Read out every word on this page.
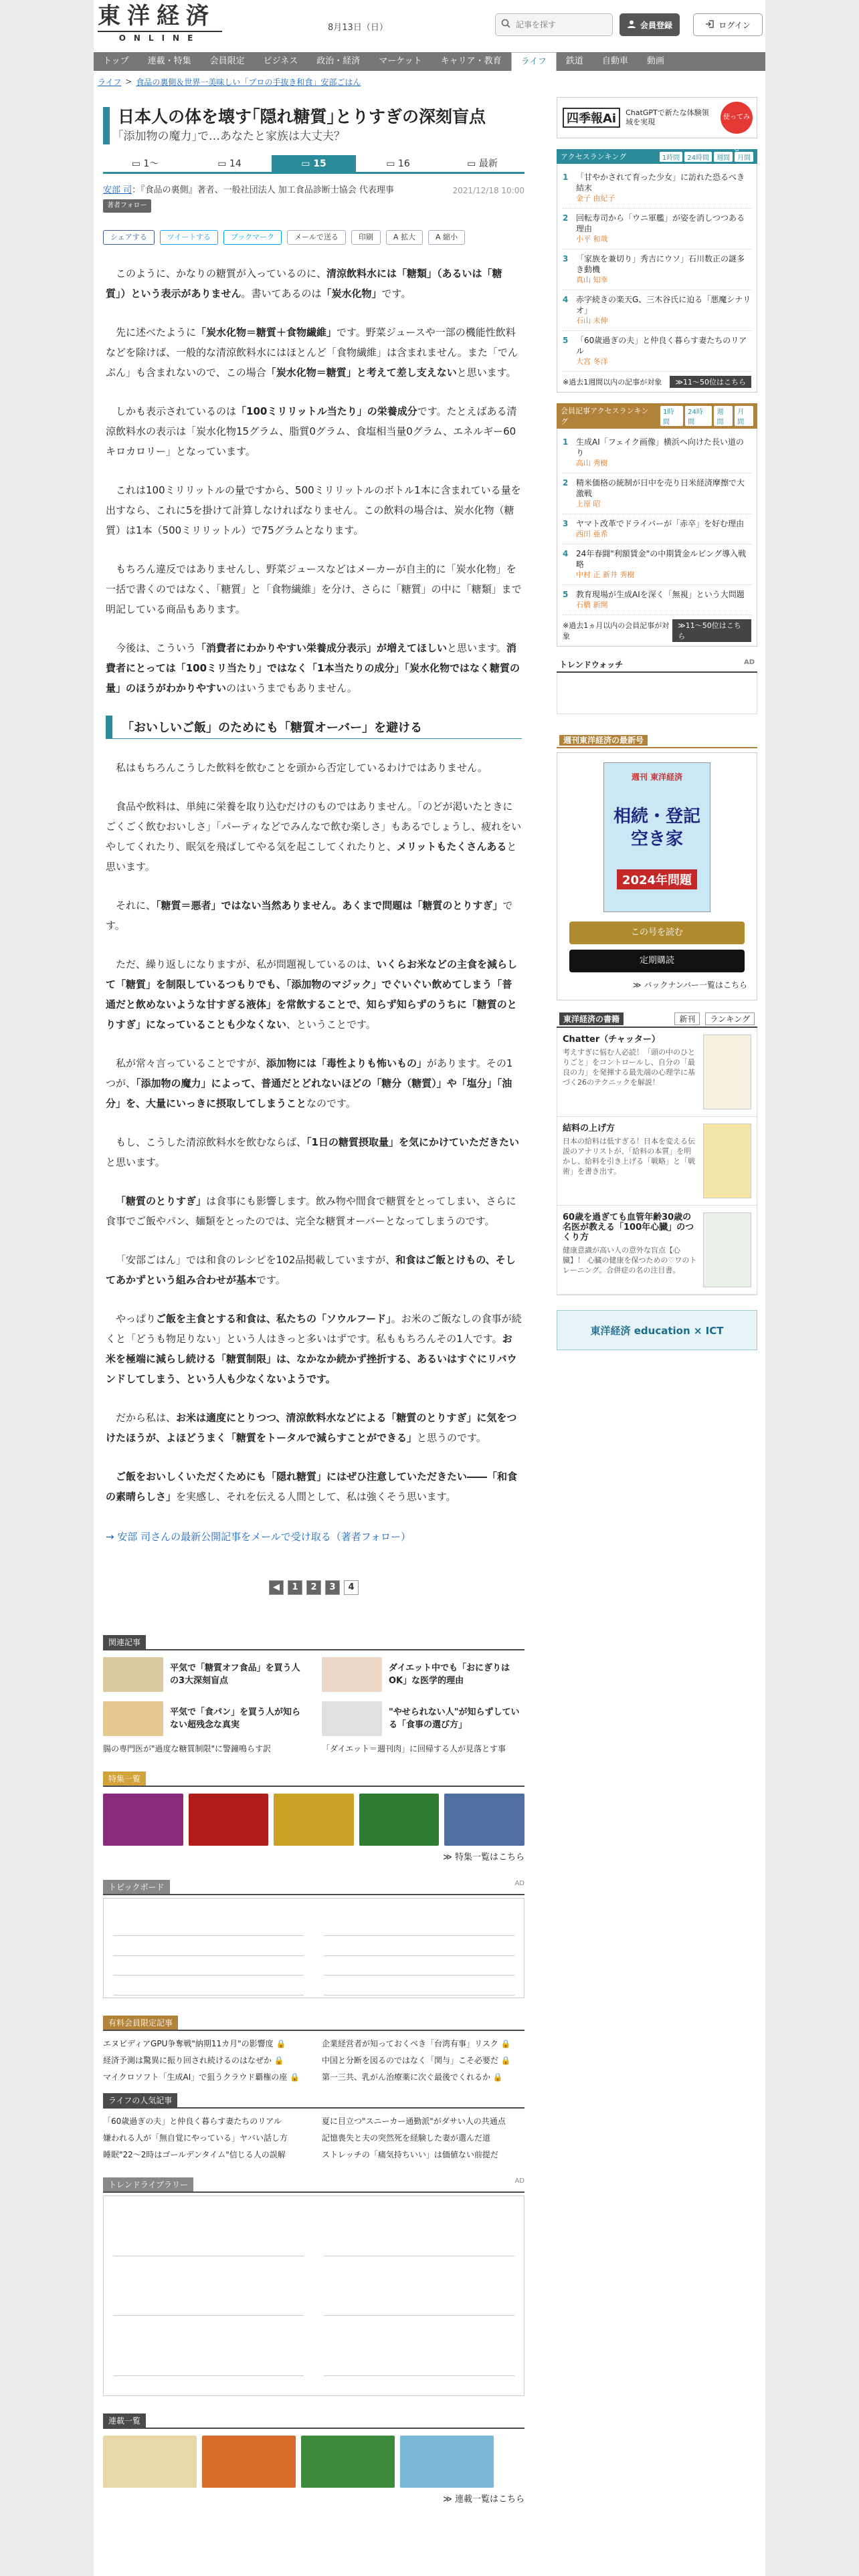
東洋経済
ONLINE
8月13日（日）
記事を探す	会員登録	ログイン
トップ	連載・特集	会員限定	ビジネス	政治・経済	マーケット	キャリア・教育	ライフ	鉄道	自動車	動画
ライフ > 食品の裏側＆世界一美味しい「プロの手抜き和食」安部ごはん
日本人の体を壊す｢隠れ糖質｣とりすぎの深刻盲点
｢添加物の魔力｣で…あなたと家族は大丈夫？
▭ 1〜	▭ 14	▭ 15	▭ 16	▭ 最新
安部 司：『食品の裏側』著者、一般社団法人 加工食品診断士協会 代表理事	2021/12/18 10:00

著者フォロー
シェアする	ツイートする	ブックマーク	メールで送る	印刷	A 拡大	A 縮小

このように、かなりの糖質が入っているのに、清涼飲料水には「糖類」（あるいは「糖質」）という表示がありません。書いてあるのは「炭水化物」です。

先に述べたように「炭水化物＝糖質＋食物繊維」です。野菜ジュースや一部の機能性飲料などを除けば、一般的な清涼飲料水にはほとんど「食物繊維」は含まれません。また「でんぷん」も含まれないので、この場合「炭水化物＝糖質」と考えて差し支えないと思います。

しかも表示されているのは「100ミリリットル当たり」の栄養成分です。たとえばある清涼飲料水の表示は「炭水化物15グラム、脂質0グラム、食塩相当量0グラム、エネルギー60キロカロリー」となっています。

これは100ミリリットルの量ですから、500ミリリットルのボトル1本に含まれている量を出すなら、これに5を掛けて計算しなければなりません。この飲料の場合は、炭水化物（糖質）は1本（500ミリリットル）で75グラムとなります。

もちろん違反ではありませんし、野菜ジュースなどはメーカーが自主的に「炭水化物」を一括で書くのではなく、「糖質」と「食物繊維」を分け、さらに「糖質」の中に「糖類」まで明記している商品もあります。

今後は、こういう「消費者にわかりやすい栄養成分表示」が増えてほしいと思います。消費者にとっては「100ミリ当たり」ではなく「1本当たりの成分」「炭水化物ではなく糖質の量」のほうがわかりやすいのはいうまでもありません。

「おいしいご飯」のためにも「糖質オーバー」を避ける

私はもちろんこうした飲料を飲むことを頭から否定しているわけではありません。

食品や飲料は、単純に栄養を取り込むだけのものではありません。「のどが渇いたときにごくごく飲むおいしさ」「パーティなどでみんなで飲む楽しさ」もあるでしょうし、疲れをいやしてくれたり、眠気を飛ばしてやる気を起こしてくれたりと、メリットもたくさんあると思います。

それに、「糖質＝悪者」ではない当然ありません。あくまで問題は「糖質のとりすぎ」です。

ただ、繰り返しになりますが、私が問題視しているのは、いくらお米などの主食を減らして「糖質」を制限しているつもりでも、「添加物のマジック」でぐいぐい飲めてしまう「普通だと飲めないような甘すぎる液体」を常飲することで、知らず知らずのうちに「糖質のとりすぎ」になっていることも少なくない、ということです。

私が常々言っていることですが、添加物には「毒性よりも怖いもの」があります。その1つが、「添加物の魔力」によって、普通だとどれないほどの「糖分（糖質）」や「塩分」「油分」を、大量にいっきに摂取してしまうことなのです。

もし、こうした清涼飲料水を飲むならば、「1日の糖質摂取量」を気にかけていただきたいと思います。

「糖質のとりすぎ」は食事にも影響します。飲み物や間食で糖質をとってしまい、さらに食事でご飯やパン、麺類をとったのでは、完全な糖質オーバーとなってしまうのです。

「安部ごはん」では和食のレシピを102品掲載していますが、和食はご飯とけもの、そしてあかずという組み合わせが基本です。

やっぱりご飯を主食とする和食は、私たちの「ソウルフード」。お米のご飯なしの食事が続くと「どうも物足りない」という人はきっと多いはずです。私ももちろんその1人です。お米を極端に減らし続ける「糖質制限」は、なかなか続かず挫折する、あるいはすぐにリバウンドしてしまう、という人も少なくないようです。

だから私は、お米は適度にとりつつ、清涼飲料水などによる「糖質のとりすぎ」に気をつけたほうが、よほどうまく「糖質をトータルで減らすことができる」と思うのです。

ご飯をおいしくいただくためにも「隠れ糖質」にはぜひ注意していただきたい――「和食の素晴らしさ」を実感し、それを伝える人間として、私は強くそう思います。

→ 安部 司さんの最新公開記事をメールで受け取る（著者フォロー）
◀	1	2	3	4
関連記事
平気で「糖質オフ食品」を買う人の3大深刻盲点
ダイエット中でも「おにぎりはOK」な医学的理由
平気で「食パン」を買う人が知らない超残念な真実
"やせられない人"が知らずしている「食事の選び方」
腸の専門医が"過度な糖質制限"に警鐘鳴らす訳	「ダイエット＝週刊肉」に回帰する人が見落とす事
特集一覧
≫ 特集一覧はこちら
トピックボード	AD
有料会員限定記事
エヌビディアGPU争奪戦"納期11カ月"の影響度 🔒	企業経営者が知っておくべき「台湾有事」リスク 🔒
経済予測は驚異に振り回され続けるのはなぜか 🔒	中国と分断を図るのではなく「関与」こそ必要だ 🔒
マイクロソフト「生成AI」で狙うクラウド覇権の座 🔒	第一三共、乳がん治療薬に次ぐ最後でくれるか 🔒
ライフの人気記事
「60歳過ぎの夫」と仲良く暮らす妻たちのリアル	夏に目立つ"スニーカー通勤派"がダサい人の共通点
嫌われる人が「無自覚にやっている」ヤバい話し方	記憶喪失と夫の突然死を経験した妻が選んだ道
睡眠"22〜2時はゴールデンタイム"信じる人の誤解	ストレッチの「痛気持ちいい」は価値ない前提だ
トレンドライブラリー	AD
連載一覧
≫ 連載一覧はこちら
四季報Ai	ChatGPTで新たな体験領域を実現
使ってみる
アクセスランキング	1時間	24時間	週間	月間
1 「甘やかされて育った少女」に訪れた恐るべき結末
金子 由紀子
2 回転寿司から「ウニ軍艦」が姿を消しつつある理由
小平 和哉
3 「家族を兼切り」秀吉にウソ」石川数正の謎多き動機
真山 知幸
4 赤字続きの楽天G、三木谷氏に迫る「悪魔シナリオ」
石山 未伸
5 「60歳過ぎの夫」と仲良く暮らす妻たちのリアル
大宮 冬洋
※過去1週間以内の記事が対象	≫11〜50位はこちら
会員記事アクセスランキング
1時間
24時間
週間
月間
1 生成AI「フェイク画像」横浜へ向けた長い道のり
高山 秀樹
2 精米価格の統制が日中を売り日米経済摩擦で大激戦
上原 昭
3 ヤマト改革でドライバーが「赤卒」を好む理由
西田 亜希
4 24年春闘"利額賃金"の中期賃金ルビング導入戦略
中村 正 新井 秀樹
5 教育現場が生成AIを深く「無視」という大問題
石橋 新開
※過去1ヵ月以内の会員記事が対象
≫11〜50位はこちら
トレンドウォッチ	AD
週刊東洋経済の最新号
週刊 東洋経済
相続・登記 空き家
2024年問題
この号を読む
定期購読
≫ バックナンバー一覧はこちら
東洋経済の書籍	新刊	ランキング
Chatter（チャッター）
考えすぎに悩む人必読！「頭の中のひとりごと」をコントロールし、自分の「最良の力」を発揮する最先端の心理学に基づく26のテクニックを解説！
結料の上げ方
日本の給料は低すぎる！日本を変える伝説のアナリストが、「給料の本質」を明かし、給料を引き上げる「戦略」と「戦術」を書き出す。
60歳を過ぎても血管年齢30歳の名医が教える「100年心臓」のつくり方
健康意識が高い人の意外な盲点【心臓】！ 心臓の健康を保つための♡ワのトレーニング。合併症の名の注目書。
東洋経済 education × ICT
